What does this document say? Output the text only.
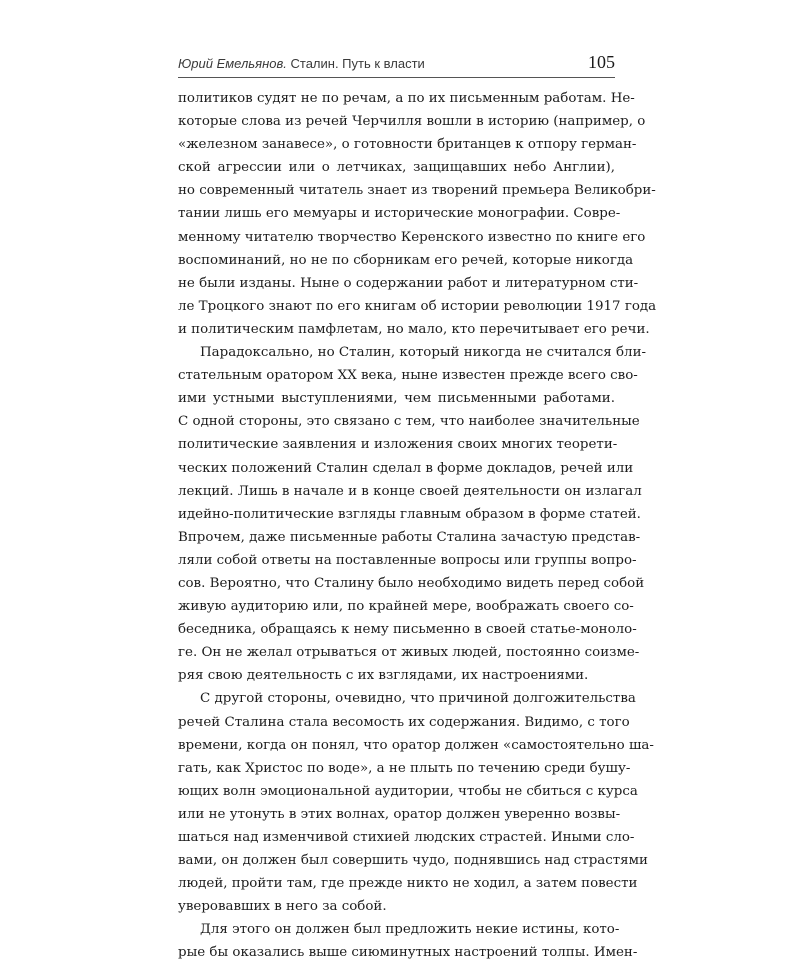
Юрий Емельянов. Сталин. Путь к власти	105
политиков судят не по речам, а по их письменным работам. Не-
которые слова из речей Черчилля вошли в историю (например, о
«железном занавесе», о готовности британцев к отпору герман-
ской агрессии или о летчиках, защищавших небо Англии),
но современный читатель знает из творений премьера Великобри-
тании лишь его мемуары и исторические монографии. Соврe-
менному читателю творчество Керенского известно по книге его
воспоминаний, но не по сборникам его речей, которые никогда
не были изданы. Ныне о содержании работ и литературном сти-
ле Троцкого знают по его книгам об истории революции 1917 года
и политическим памфлетам, но мало, кто перечитывает его речи.
Парадоксально, но Сталин, который никогда не считался бли-
стательным оратором XX века, ныне известен прежде всего сво-
ими устными выступлениями, чем письменными работами.
С одной стороны, это связано с тем, что наиболее значительные
политические заявления и изложения своих многих теорети-
ческих положений Сталин сделал в форме докладов, речей или
лекций. Лишь в начале и в конце своей деятельности он излагал
идейно-политические взгляды главным образом в форме статей.
Впрочем, даже письменные работы Сталина зачастую представ-
ляли собой ответы на поставленные вопросы или группы вопро-
сов. Вероятно, что Сталину было необходимо видеть перед собой
живую аудиторию или, по крайней мере, воображать своего со-
беседника, обращаясь к нему письменно в своей статье-моноло-
ге. Он не желал отрываться от живых людей, постоянно соизме-
ряя свою деятельность с их взглядами, их настроениями.
С другой стороны, очевидно, что причиной долгожительства
речей Сталина стала весомость их содержания. Видимо, с того
времени, когда он понял, что оратор должен «самостоятельно ша-
гать, как Христос по воде», а не плыть по течению среди бушу-
ющих волн эмоциональной аудитории, чтобы не сбиться с курса
или не утонуть в этих волнах, оратор должен уверенно возвы-
шаться над изменчивой стихией людских страстей. Иными сло-
вами, он должен был совершить чудо, поднявшись над страстями
людей, пройти там, где прежде никто не ходил, а затем повести
уверовавших в него за собой.
Для этого он должен был предложить некие истины, кото-
рые бы оказались выше сиюминутных настроений толпы. Имен-
